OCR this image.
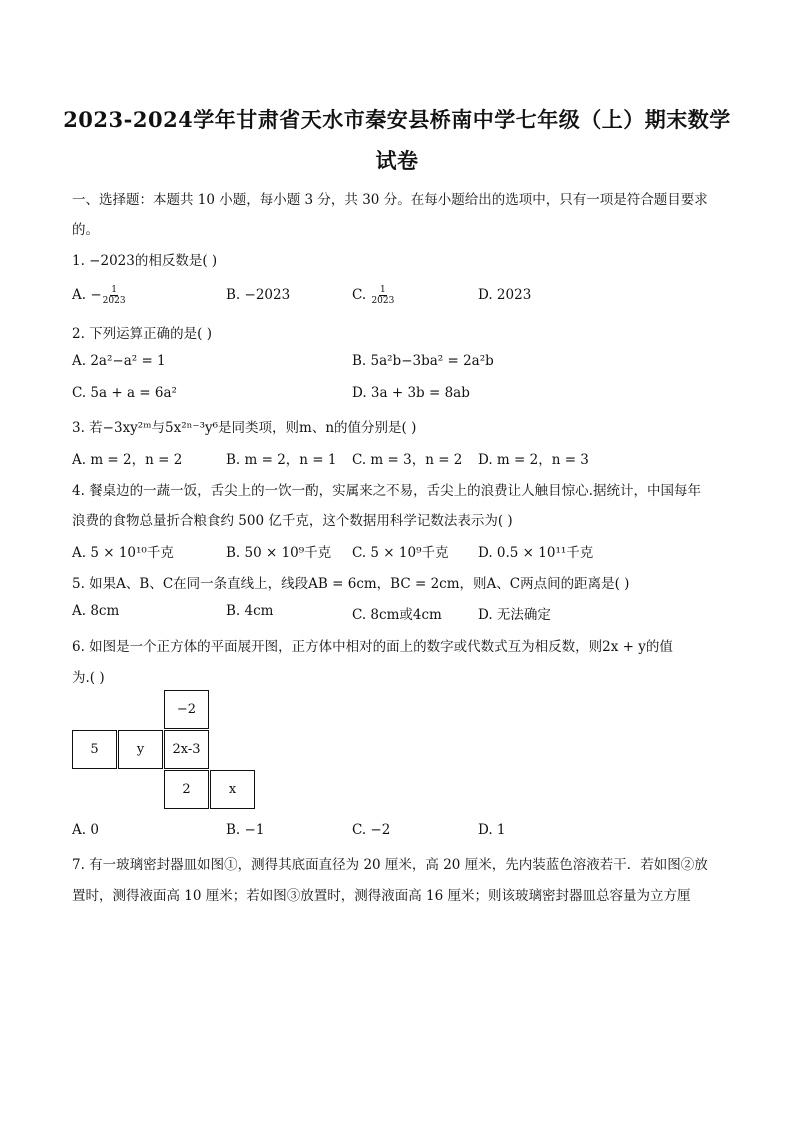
2023-2024学年甘肃省天水市秦安县桥南中学七年级（上）期末数学
试卷
一、选择题：本题共 10 小题，每小题 3 分，共 30 分。在每小题给出的选项中，只有一项是符合题目要求
的。
1. −2023的相反数是( )
A. − $\frac{1}{2023}$	B. −2023	C. $\frac{1}{2023}$	D. 2023
2. 下列运算正确的是( )
A. 2a²−a² = 1	B. 5a²b−3ba² = 2a²b
C. 5a + a = 6a²	D. 3a + 3b = 8ab
3. 若−3xy²ᵐ与5x²ⁿ⁻³y⁶是同类项，则m、n的值分别是( )
A. m = 2，n = 2	B. m = 2，n = 1 C. m = 3，n = 2 D. m = 2，n = 3
4. 餐桌边的一蔬一饭，舌尖上的一饮一酌，实属来之不易，舌尖上的浪费让人触目惊心.据统计，中国每年
浪费的食物总量折合粮食约 500 亿千克，这个数据用科学记数法表示为( )
A. 5 × 10¹⁰千克	B. 50 × 10⁹千克 C. 5 × 10⁹千克 D. 0.5 × 10¹¹千克
5. 如果A、B、C在同一条直线上，线段AB = 6cm，BC = 2cm，则A、C两点间的距离是( )
A. 8cm	B. 4cm	C. 8cm或4cm	D. 无法确定
6. 如图是一个正方体的平面展开图，正方体中相对的面上的数字或代数式互为相反数，则2x + y的值
为.( )
−2
5	y	2x-3
2	x
A. 0	B. −1	C. −2	D. 1
7. 有一玻璃密封器皿如图①，测得其底面直径为 20 厘米，高 20 厘米，先内装蓝色溶液若干．若如图②放
置时，测得液面高 10 厘米；若如图③放置时，测得液面高 16 厘米；则该玻璃密封器皿总容量为立方厘
